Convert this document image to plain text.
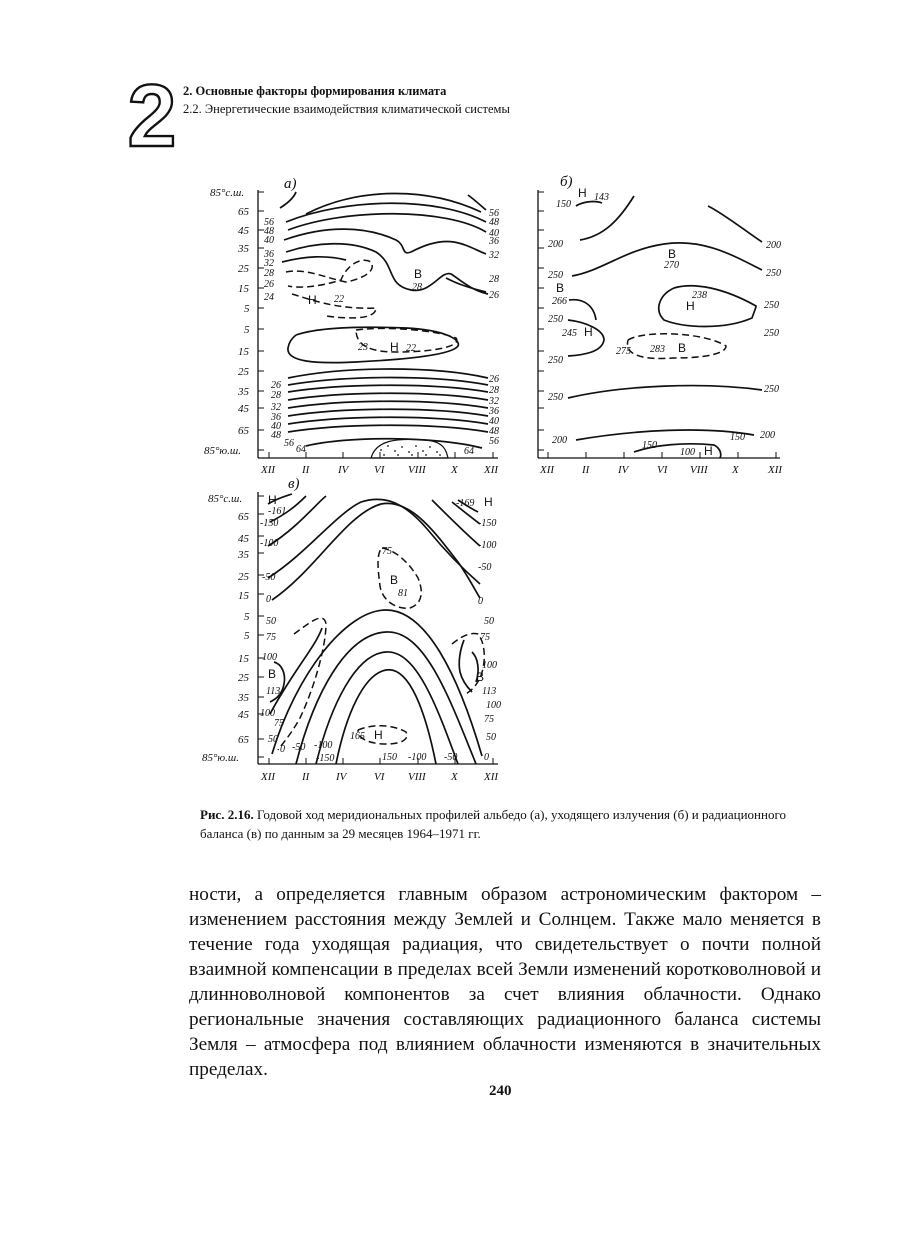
2 2. Основные факторы формирования климата
2.2. Энергетические взаимодействия климатической системы
а)
85°с.ш.
65
45
35
25
15
5
5
15
25
35
45
65
85°ю.ш.
XII II	IV VI VIII X XII
56
48
40
36
32
28
26
24
26
28
32
36
40
48
56
64
56
48
40
36
32
28
26
26
28
32
36
40
48
56
64
В
28
Н 22
23 Н 22
б)
XII	II	IV	VI VIII X	XII
150
200
250
В
266
250
245 Н
250
250
200
200
250
250
250
250
200
Н 143
В
270
238
Н
275 283 В
150
100 Н
150
в)
85°с.ш.
65
45
35
25
15
5
5
15
25
35
45
65
85°ю.ш.
XII II IV	VI VIII X XII
Н
-161
-150
-100
-50
0
50
75
100
В
113
100
75
50
0 -50 -100
-150
-169 Н
-150
-100
-50
0
50
75
100
В
113
100
75
50
0
75
В
81
165 Н
150 -100 -50
Рис. 2.16. Годовой ход меридиональных профилей альбедо (а), уходящего излучения (б) и радиационного баланса (в) по данным за 29 месяцев 1964–1971 гг.

ности, а определяется главным образом астрономическим фактором – изменением расстояния между Землей и Солнцем. Также мало меняется в течение года уходящая радиация, что свидетельствует о почти полной взаимной компенсации в пределах всей Земли изменений коротковолновой и длинноволновой компонентов за счет влияния облачности. Однако региональные значения составляющих радиационного баланса системы Земля – атмосфера под влиянием облачности изменяются в значительных пределах.

240
